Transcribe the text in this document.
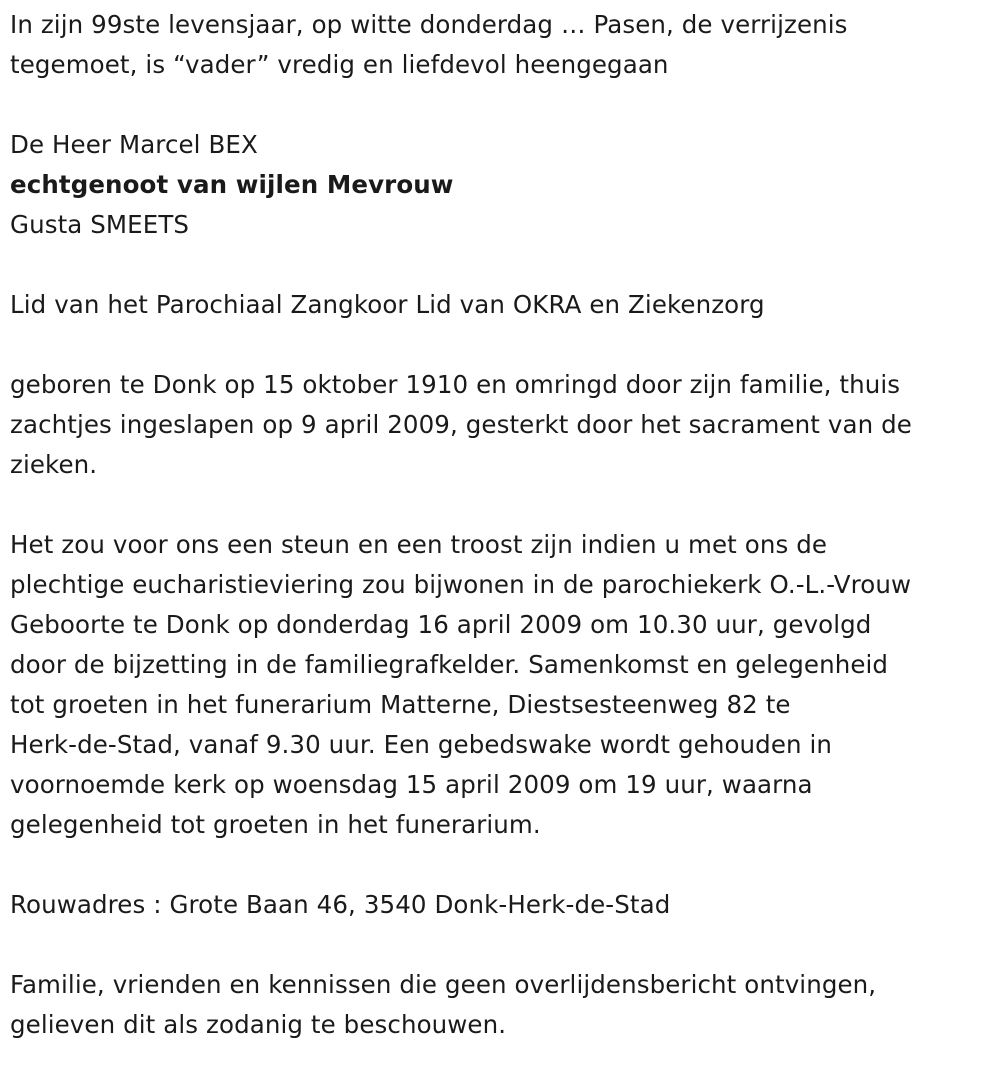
In zijn 99ste levensjaar, op witte donderdag … Pasen, de verrijzenis
tegemoet, is “vader” vredig en liefdevol heengegaan

De Heer Marcel BEX

echtgenoot van wijlen Mevrouw

Gusta SMEETS

Lid van het Parochiaal Zangkoor Lid van OKRA en Ziekenzorg

geboren te Donk op 15 oktober 1910 en omringd door zijn familie, thuis
zachtjes ingeslapen op 9 april 2009, gesterkt door het sacrament van de
zieken.

Het zou voor ons een steun en een troost zijn indien u met ons de
plechtige eucharistieviering zou bijwonen in de parochiekerk O.-L.-Vrouw
Geboorte te Donk op donderdag 16 april 2009 om 10.30 uur, gevolgd
door de bijzetting in de familiegrafkelder. Samenkomst en gelegenheid
tot groeten in het funerarium Matterne, Diestsesteenweg 82 te
Herk-de-Stad, vanaf 9.30 uur. Een gebedswake wordt gehouden in
voornoemde kerk op woensdag 15 april 2009 om 19 uur, waarna
gelegenheid tot groeten in het funerarium.

Rouwadres : Grote Baan 46, 3540 Donk-Herk-de-Stad

Familie, vrienden en kennissen die geen overlijdensbericht ontvingen,
gelieven dit als zodanig te beschouwen.
